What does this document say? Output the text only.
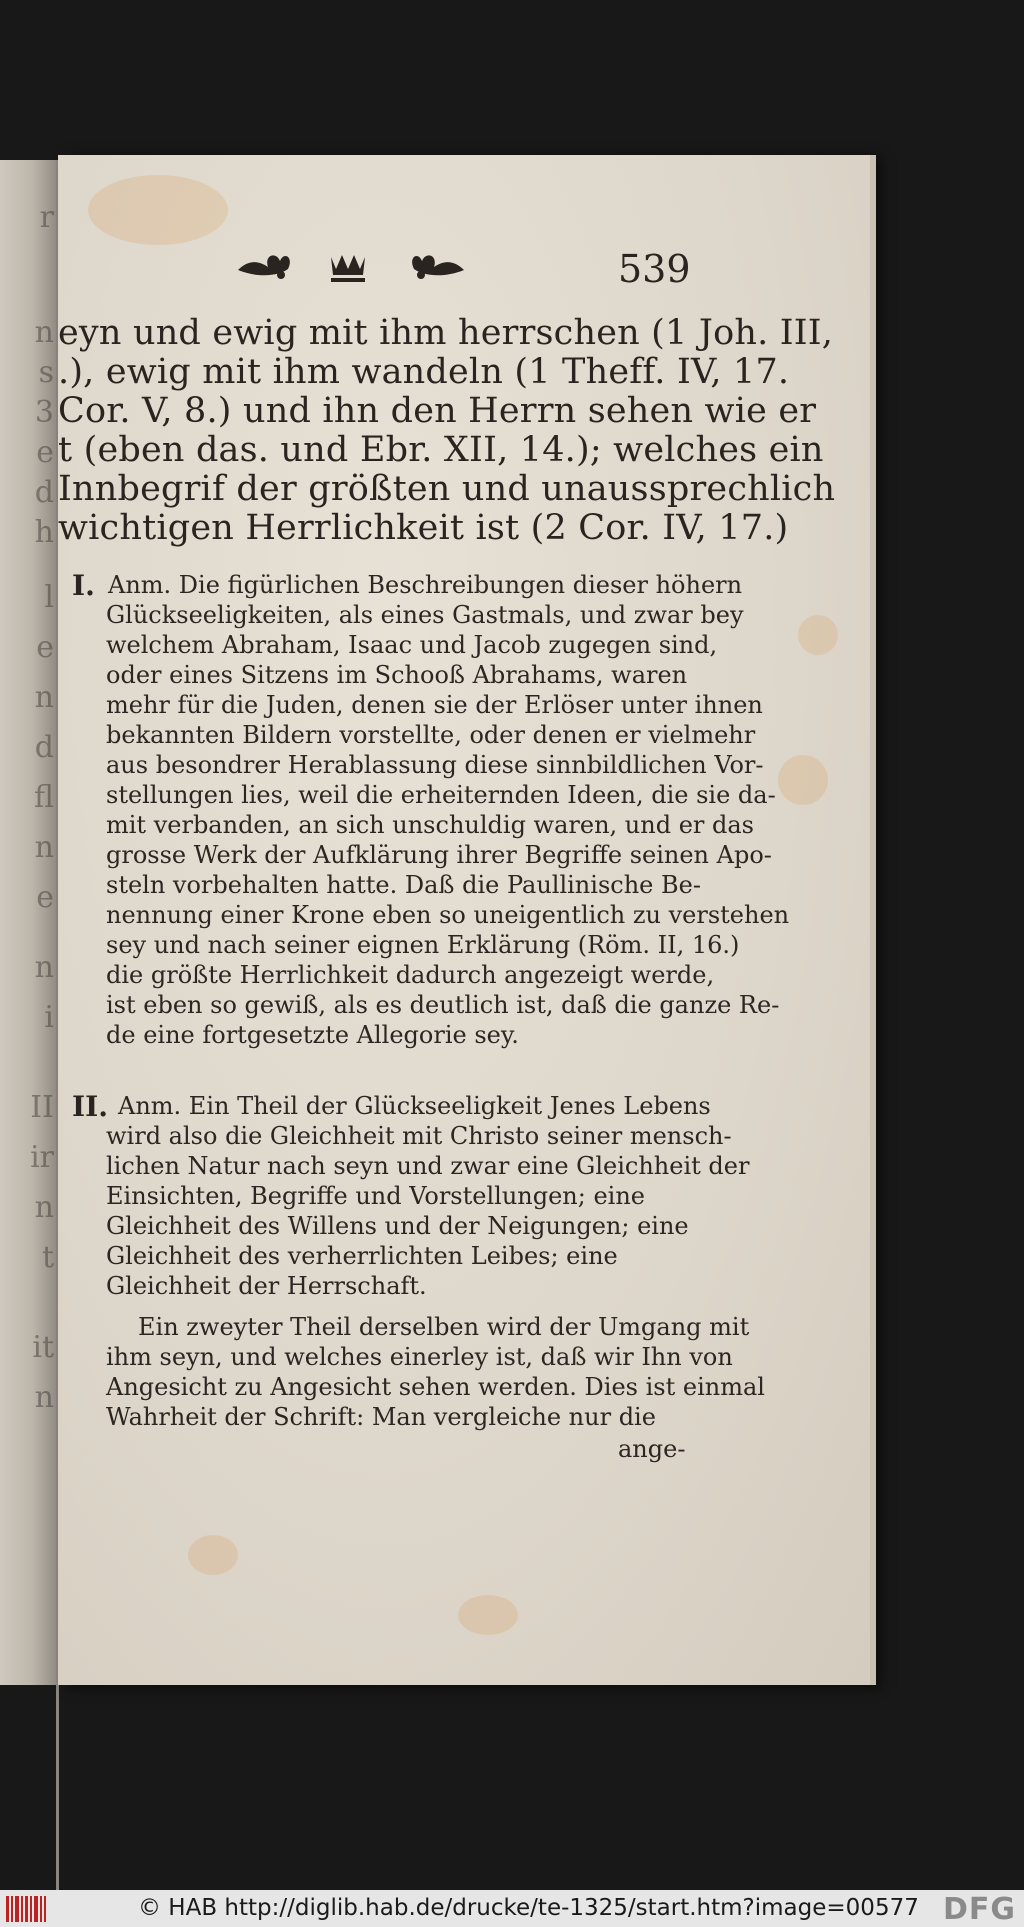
r
n
s
3
e
d
h
l
e
n
d
fl
n
e
n
i
II
ir
n
t
it
n
539
eyn und ewig mit ihm herrschen (1 Joh. III,
.), ewig mit ihm wandeln (1 Theff. IV, 17.
Cor. V, 8.) und ihn den Herrn sehen wie er
t (eben das. und Ebr. XII, 14.); welches ein
Innbegrif der größten und unaussprechlich
wichtigen Herrlichkeit ist (2 Cor. IV, 17.)
I. Anm. Die figürlichen Beschreibungen dieser höhern
Glückseeligkeiten, als eines Gastmals, und zwar bey
welchem Abraham, Isaac und Jacob zugegen sind,
oder eines Sitzens im Schooß Abrahams, waren
mehr für die Juden, denen sie der Erlöser unter ihnen
bekannten Bildern vorstellte, oder denen er vielmehr
aus besondrer Herablassung diese sinnbildlichen Vor-
stellungen lies, weil die erheiternden Ideen, die sie da-
mit verbanden, an sich unschuldig waren, und er das
grosse Werk der Aufklärung ihrer Begriffe seinen Apo-
steln vorbehalten hatte. Daß die Paullinische Be-
nennung einer Krone eben so uneigentlich zu verstehen
sey und nach seiner eignen Erklärung (Röm. II, 16.)
die größte Herrlichkeit dadurch angezeigt werde,
ist eben so gewiß, als es deutlich ist, daß die ganze Re-
de eine fortgesetzte Allegorie sey.
II. Anm. Ein Theil der Glückseeligkeit Jenes Lebens
wird also die Gleichheit mit Christo seiner mensch-
lichen Natur nach seyn und zwar eine Gleichheit der
Einsichten, Begriffe und Vorstellungen; eine
Gleichheit des Willens und der Neigungen; eine
Gleichheit des verherrlichten Leibes; eine
Gleichheit der Herrschaft.
Ein zweyter Theil derselben wird der Umgang mit
ihm seyn, und welches einerley ist, daß wir Ihn von
Angesicht zu Angesicht sehen werden. Dies ist einmal
Wahrheit der Schrift: Man vergleiche nur die
ange-
© HAB http://diglib.hab.de/drucke/te-1325/start.htm?image=00577 DFG
